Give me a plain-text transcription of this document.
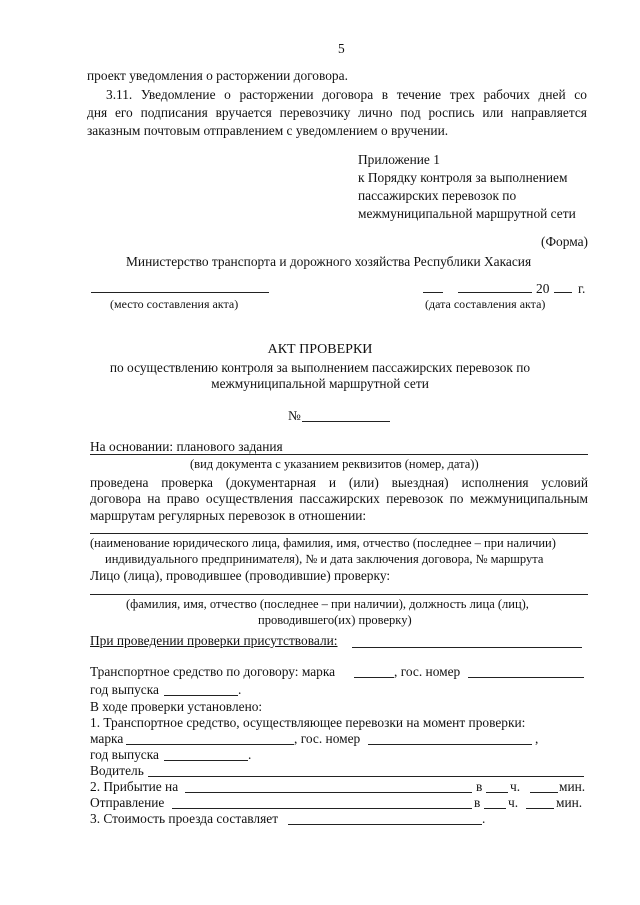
5
проект уведомления о расторжении договора.
3.11. Уведомление о расторжении договора в течение трех рабочих дней со
дня его подписания вручается перевозчику лично под роспись или направляется
заказным почтовым отправлением с уведомлением о вручении.
Приложение 1
к Порядку контроля за выполнением
пассажирских перевозок по
межмуниципальной маршрутной сети
(Форма)
Министерство транспорта и дорожного хозяйства Республики Хакасия
(место составления акта)
20 г.
(дата составления акта)
АКТ ПРОВЕРКИ
по осуществлению контроля за выполнением пассажирских перевозок по
межмуниципальной маршрутной сети
№
На основании: планового задания
(вид документа с указанием реквизитов (номер, дата))
проведена проверка (документарная и (или) выездная) исполнения условий
договора на право осуществления пассажирских перевозок по межмуниципальным
маршрутам регулярных перевозок в отношении:
(наименование юридического лица, фамилия, имя, отчество (последнее – при наличии)
индивидуального предпринимателя), № и дата заключения договора, № маршрута
Лицо (лица), проводившее (проводившие) проверку:
(фамилия, имя, отчество (последнее – при наличии), должность лица (лиц),
проводившего(их) проверку)
При проведении проверки присутствовали:
Транспортное средство по договору: марка	, гос. номер
год выпуска	.
В ходе проверки установлено:
1. Транспортное средство, осуществляющее перевозки на момент проверки:
марка	, гос. номер	,
год выпуска	.
Водитель
2. Прибытие на	в ч.	мин.
Отправление	в ч.	мин.
3. Стоимость проезда составляет	.
